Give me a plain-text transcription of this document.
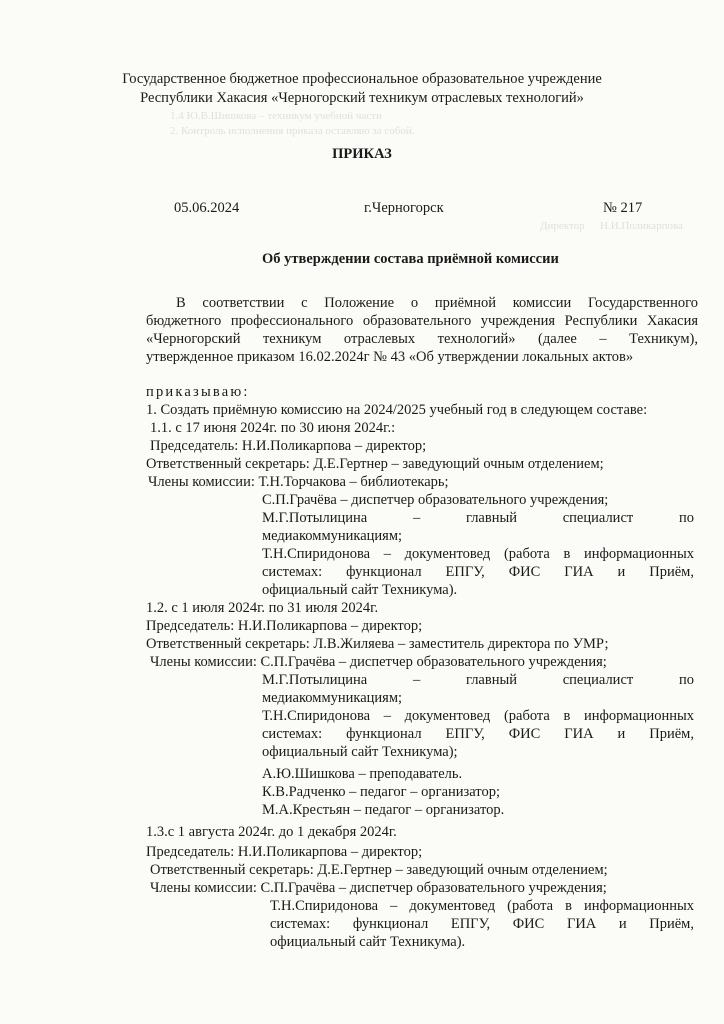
1.4 Ю.В.Шишкова – техникум учебной части
2. Контроль исполнения приказа оставляю за собой.
Директор Н.И.Поликарпова
Государственное бюджетное профессиональное образовательное учреждение
Республики Хакасия «Черногорский техникум отраслевых технологий»
ПРИКАЗ
05.06.2024	г.Черногорск	№ 217
Об утверждении состава приёмной комиссии
В соответствии с Положение о приёмной комиссии Государственного
бюджетного профессионального образовательного учреждения Республики Хакасия
«Черногорский техникум отраслевых технологий» (далее – Техникум),
утвержденное приказом 16.02.2024г № 43 «Об утверждении локальных актов»
приказываю:
1. Создать приёмную комиссию на 2024/2025 учебный год в следующем составе:
1.1. с 17 июня 2024г. по 30 июня 2024г.:
Председатель: Н.И.Поликарпова – директор;
Ответственный секретарь: Д.Е.Гертнер – заведующий очным отделением;
Члены комиссии: Т.Н.Торчакова – библиотекарь;
С.П.Грачёва – диспетчер образовательного учреждения;
М.Г.Потылицина – главный специалист по
медиакоммуникациям;
Т.Н.Спиридонова – документовед (работа в информационных
системах: функционал ЕПГУ, ФИС ГИА и Приём,
официальный сайт Техникума).
1.2. с 1 июля 2024г. по 31 июля 2024г.
Председатель: Н.И.Поликарпова – директор;
Ответственный секретарь: Л.В.Жиляева – заместитель директора по УМР;
Члены комиссии: С.П.Грачёва – диспетчер образовательного учреждения;
М.Г.Потылицина – главный специалист по
медиакоммуникациям;
Т.Н.Спиридонова – документовед (работа в информационных
системах: функционал ЕПГУ, ФИС ГИА и Приём,
официальный сайт Техникума);
А.Ю.Шишкова – преподаватель.
К.В.Радченко – педагог – организатор;
М.А.Крестьян – педагог – организатор.
1.3.с 1 августа 2024г. до 1 декабря 2024г.
Председатель: Н.И.Поликарпова – директор;
Ответственный секретарь: Д.Е.Гертнер – заведующий очным отделением;
Члены комиссии: С.П.Грачёва – диспетчер образовательного учреждения;
Т.Н.Спиридонова – документовед (работа в информационных
системах: функционал ЕПГУ, ФИС ГИА и Приём,
официальный сайт Техникума).
